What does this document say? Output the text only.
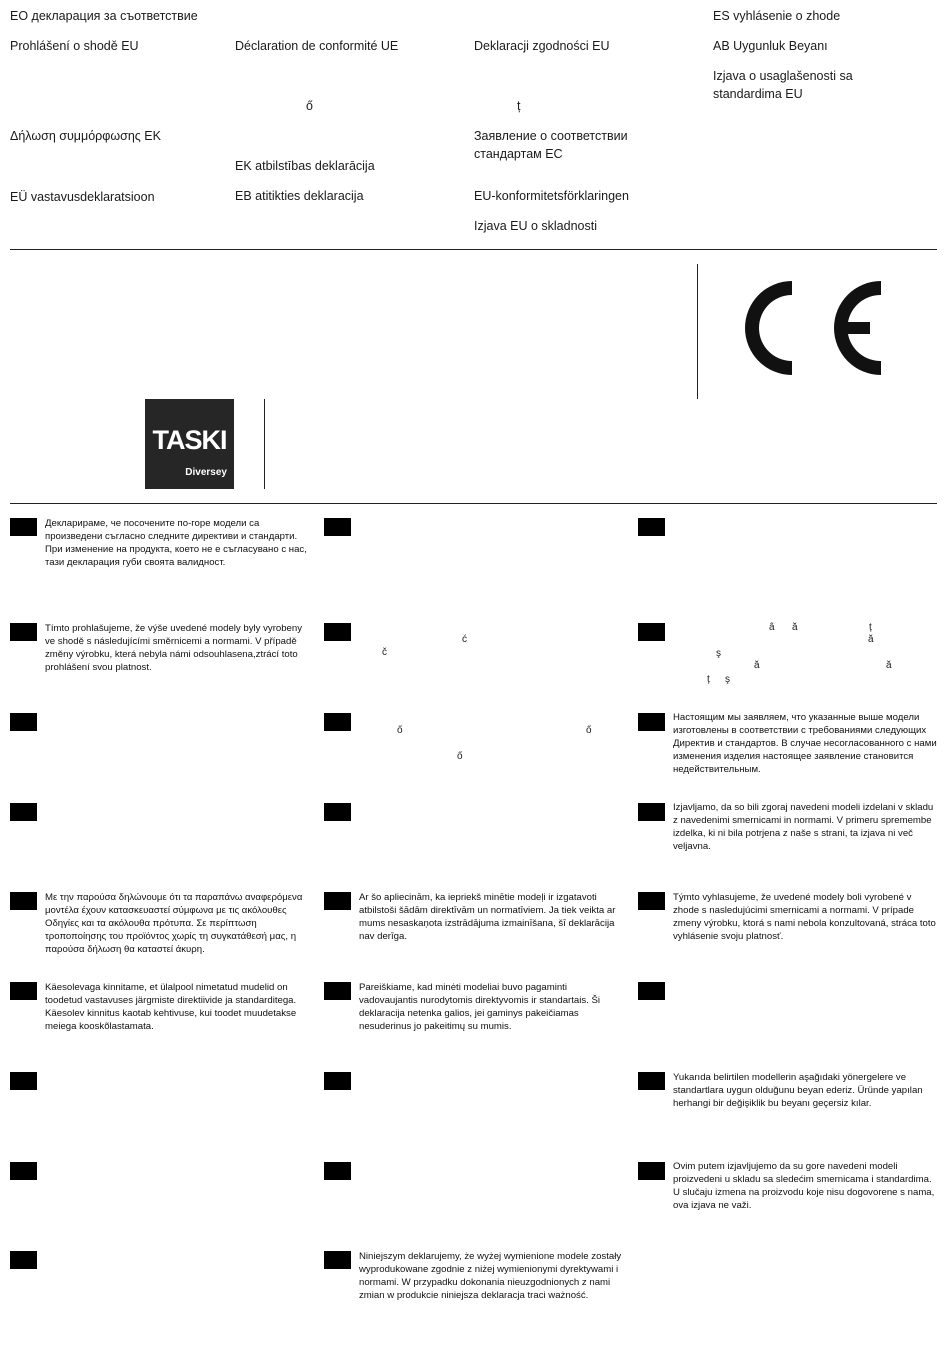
ЕО декларация за съответствие	ES vyhlásenie o zhode
Prohlášení o shodě EU	Déclaration de conformité UE	Deklaracji zgodności EU	AB Uygunluk Beyanı
Izjava o usaglašenosti sa standardima EU
ő	ț
Δήλωση συμμόρφωσης ΕΚ	Заявление о соответствии стандартам ЕС
EK atbilstības deklarācija
EÜ vastavusdeklaratsioon	EB atitikties deklaracija	EU-konformitetsförklaringen
Izjava EU o skladnosti
TASKI
Diversey
Декларираме, че посочените по-горе модели са произведени съгласно следните директиви и стандарти. При изменение на продукта, което не е съгласувано с нас, тази декларация губи своята валидност.
Tímto prohlašujeme, že výše uvedené modely byly vyrobeny ve shodě s následujícími směrnicemi a normami. V případě změny výrobku, která nebyla námi odsouhlasena,ztrácí toto prohlášení svou platnost.
Με την παρούσα δηλώνουμε ότι τα παραπάνω αναφερόμενα μοντέλα έχουν κατασκευαστεί σύμφωνα με τις ακόλουθες Οδηγίες και τα ακόλουθα πρότυπα. Σε περίπτωση τροποποίησης του προϊόντος χωρίς τη συγκατάθεσή μας, η παρούσα δήλωση θα καταστεί άκυρη.
Käesolevaga kinnitame, et ülalpool nimetatud mudelid on toodetud vastavuses järgmiste direktiivide ja standarditega. Käesolev kinnitus kaotab kehtivuse, kui toodet muudetakse meiega kooskõlastamata.
ć
č
ő	ő
ő
Ar šo apliecinām, ka iepriekš minētie modeļi ir izgatavoti atbilstoši šādām direktīvām un normatīviem. Ja tiek veikta ar mums nesaskaņota izstrādājuma izmainīšana, šī deklarācija nav derīga.
Pareiškiame, kad minėti modeliai buvo pagaminti vadovaujantis nurodytomis direktyvomis ir standartais. Ši deklaracija netenka galios, jei gaminys pakeičiamas nesuderinus jo pakeitimų su mumis.
Niniejszym deklarujemy, że wyżej wymienione modele zostały wyprodukowane zgodnie z niżej wymienionymi dyrektywami i normami. W przypadku dokonania nieuzgodnionych z nami zmian w produkcie niniejsza deklaracja traci ważność.
â ă	ț
ă
ş
ă	ă
ț ş
Настоящим мы заявляем, что указанные выше модели изготовлены в соответствии с требованиями следующих Директив и стандартов. В случае несогласованного с нами изменения изделия настоящее заявление становится недействительным.
Izjavljamo, da so bili zgoraj navedeni modeli izdelani v skladu z navedenimi smernicami in normami. V primeru spremembe izdelka, ki ni bila potrjena z naše s strani, ta izjava ni več veljavna.
Týmto vyhlasujeme, že uvedené modely boli vyrobené v zhode s nasledujúcimi smernicami a normami. V prípade zmeny výrobku, ktorá s nami nebola konzultovaná, stráca toto vyhlásenie svoju platnosť.
Yukarıda belirtilen modellerin aşağıdaki yönergelere ve standartlara uygun olduğunu beyan ederiz. Üründe yapılan herhangi bir değişiklik bu beyanı geçersiz kılar.
Ovim putem izjavljujemo da su gore navedeni modeli proizvedeni u skladu sa sledećim smernicama i standardima. U slučaju izmena na proizvodu koje nisu dogovorene s nama, ova izjava ne važi.
